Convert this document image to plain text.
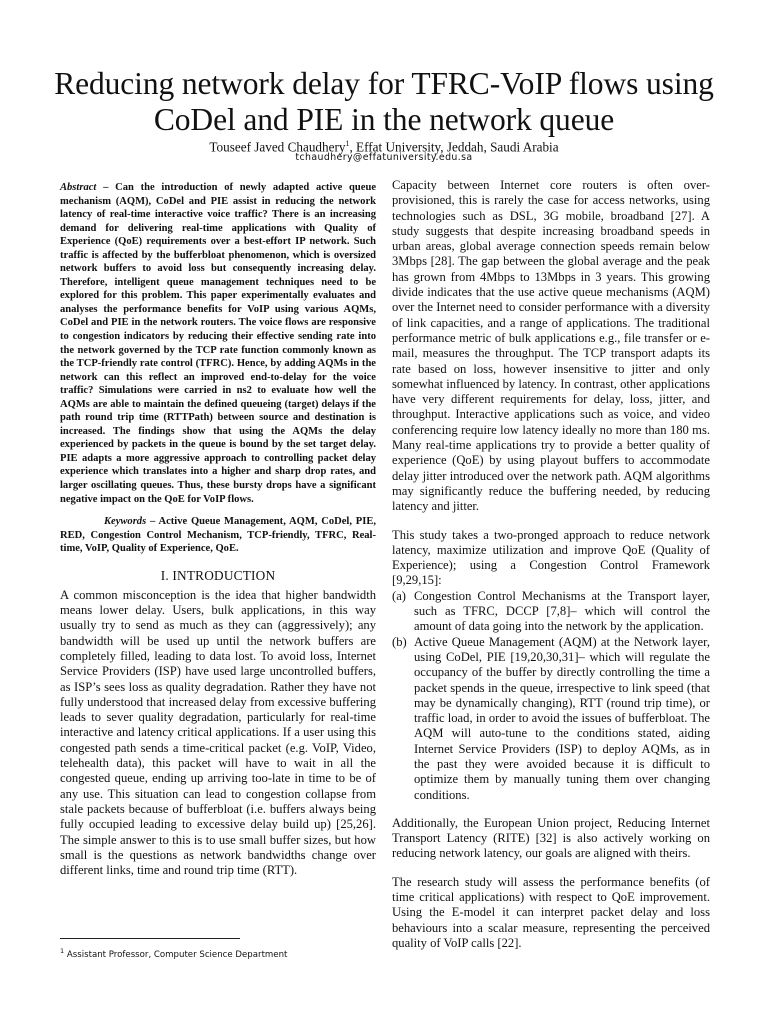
Reducing network delay for TFRC-VoIP flows using CoDel and PIE in the network queue
Touseef Javed Chaudhery$^1$, Effat University, Jeddah, Saudi Arabia
tchaudhery@effatuniversity.edu.sa

Abstract – Can the introduction of newly adapted active queue mechanism (AQM), CoDel and PIE assist in reducing the network latency of real-time interactive voice traffic? There is an increasing demand for delivering real-time applications with Quality of Experience (QoE) requirements over a best-effort IP network. Such traffic is affected by the bufferbloat phenomenon, which is oversized network buffers to avoid loss but consequently increasing delay. Therefore, intelligent queue management techniques need to be explored for this problem. This paper experimentally evaluates and analyses the performance benefits for VoIP using various AQMs, CoDel and PIE in the network routers. The voice flows are responsive to congestion indicators by reducing their effective sending rate into the network governed by the TCP rate function commonly known as the TCP-friendly rate control (TFRC). Hence, by adding AQMs in the network can this reflect an improved end-to-delay for the voice traffic? Simulations were carried in ns2 to evaluate how well the AQMs are able to maintain the defined queueing (target) delays if the path round trip time (RTTPath) between source and destination is increased. The findings show that using the AQMs the delay experienced by packets in the queue is bound by the set target delay. PIE adapts a more aggressive approach to controlling packet delay experience which translates into a higher and sharp drop rates, and larger oscillating queues. Thus, these bursty drops have a significant negative impact on the QoE for VoIP flows.

Keywords – Active Queue Management, AQM, CoDel, PIE, RED, Congestion Control Mechanism, TCP-friendly, TFRC, Real-time, VoIP, Quality of Experience, QoE.

I. INTRODUCTION

A common misconception is the idea that higher bandwidth means lower delay. Users, bulk applications, in this way usually try to send as much as they can (aggressively); any bandwidth will be used up until the network buffers are completely filled, leading to data lost. To avoid loss, Internet Service Providers (ISP) have used large uncontrolled buffers, as ISP’s sees loss as quality degradation. Rather they have not fully understood that increased delay from excessive buffering leads to sever quality degradation, particularly for real-time interactive and latency critical applications. If a user using this congested path sends a time-critical packet (e.g. VoIP, Video, telehealth data), this packet will have to wait in all the congested queue, ending up arriving too-late in time to be of any use. This situation can lead to congestion collapse from stale packets because of bufferbloat (i.e. buffers always being fully occupied leading to excessive delay build up) [25,26]. The simple answer to this is to use small buffer sizes, but how small is the questions as network bandwidths change over different links, time and round trip time (RTT).

Capacity between Internet core routers is often over-provisioned, this is rarely the case for access networks, using technologies such as DSL, 3G mobile, broadband [27]. A study suggests that despite increasing broadband speeds in urban areas, global average connection speeds remain below 3Mbps [28]. The gap between the global average and the peak has grown from 4Mbps to 13Mbps in 3 years. This growing divide indicates that the use active queue mechanisms (AQM) over the Internet need to consider performance with a diversity of link capacities, and a range of applications. The traditional performance metric of bulk applications e.g., file transfer or e-mail, measures the throughput. The TCP transport adapts its rate based on loss, however insensitive to jitter and only somewhat influenced by latency. In contrast, other applications have very different requirements for delay, loss, jitter, and throughput. Interactive applications such as voice, and video conferencing require low latency ideally no more than 180 ms. Many real-time applications try to provide a better quality of experience (QoE) by using playout buffers to accommodate delay jitter introduced over the network path. AQM algorithms may significantly reduce the buffering needed, by reducing latency and jitter.

This study takes a two-pronged approach to reduce network latency, maximize utilization and improve QoE (Quality of Experience); using a Congestion Control Framework [9,29,15]:

(a) Congestion Control Mechanisms at the Transport layer, such as TFRC, DCCP [7,8]– which will control the amount of data going into the network by the application.
(b) Active Queue Management (AQM) at the Network layer, using CoDel, PIE [19,20,30,31]– which will regulate the occupancy of the buffer by directly controlling the time a packet spends in the queue, irrespective to link speed (that may be dynamically changing), RTT (round trip time), or traffic load, in order to avoid the issues of bufferbloat. The AQM will auto-tune to the conditions stated, aiding Internet Service Providers (ISP) to deploy AQMs, as in the past they were avoided because it is difficult to optimize them by manually tuning them over changing conditions.

Additionally, the European Union project, Reducing Internet Transport Latency (RITE) [32] is also actively working on reducing network latency, our goals are aligned with theirs.

The research study will assess the performance benefits (of time critical applications) with respect to QoE improvement. Using the E-model it can interpret packet delay and loss behaviours into a scalar measure, representing the perceived quality of VoIP calls [22].

$^1$ Assistant Professor, Computer Science Department
